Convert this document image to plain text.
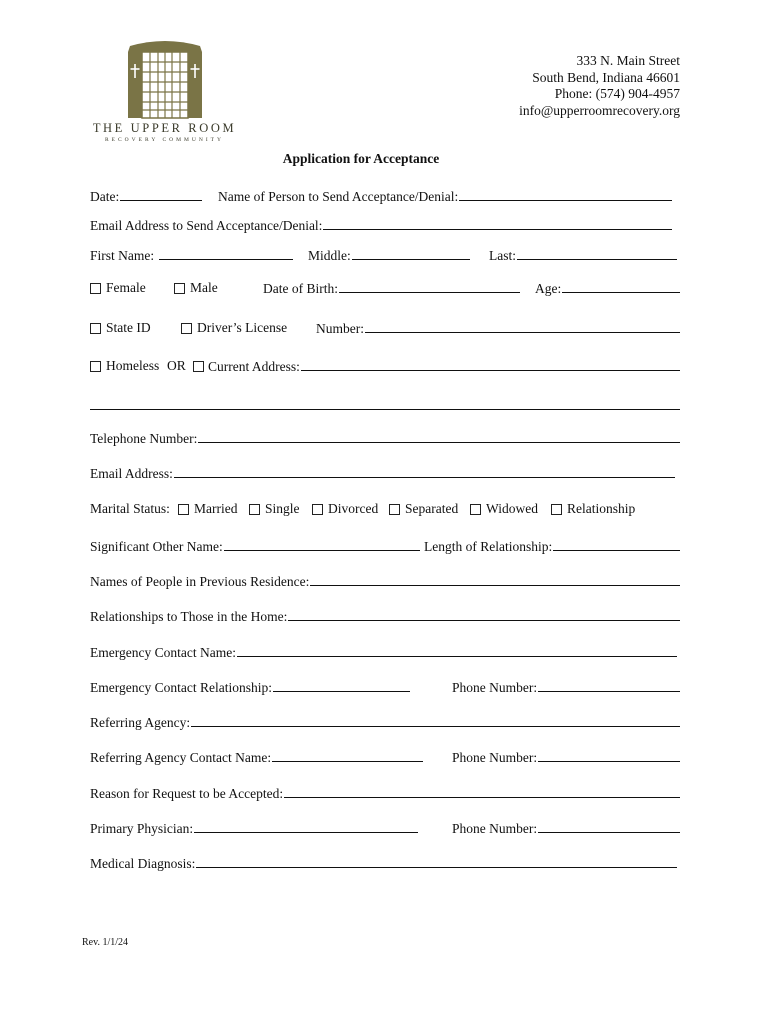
THE UPPER ROOM
RECOVERY COMMUNITY
333 N. Main Street
South Bend, Indiana 46601
Phone: (574) 904-4957
info@upperroomrecovery.org
Application for Acceptance
Date:	Name of Person to Send Acceptance/Denial:
Email Address to Send Acceptance/Denial:
First Name:	Middle:	Last:
Female	Male	Date of Birth:	Age:
State ID	Driver’s License Number:
Homeless OR Current Address:
Telephone Number:
Email Address:
Marital Status: Married Single Divorced Separated Widowed Relationship
Significant Other Name:	Length of Relationship:
Names of People in Previous Residence:
Relationships to Those in the Home:
Emergency Contact Name:
Emergency Contact Relationship:	Phone Number:
Referring Agency:
Referring Agency Contact Name:	Phone Number:
Reason for Request to be Accepted:
Primary Physician:	Phone Number:
Medical Diagnosis:
Rev. 1/1/24
